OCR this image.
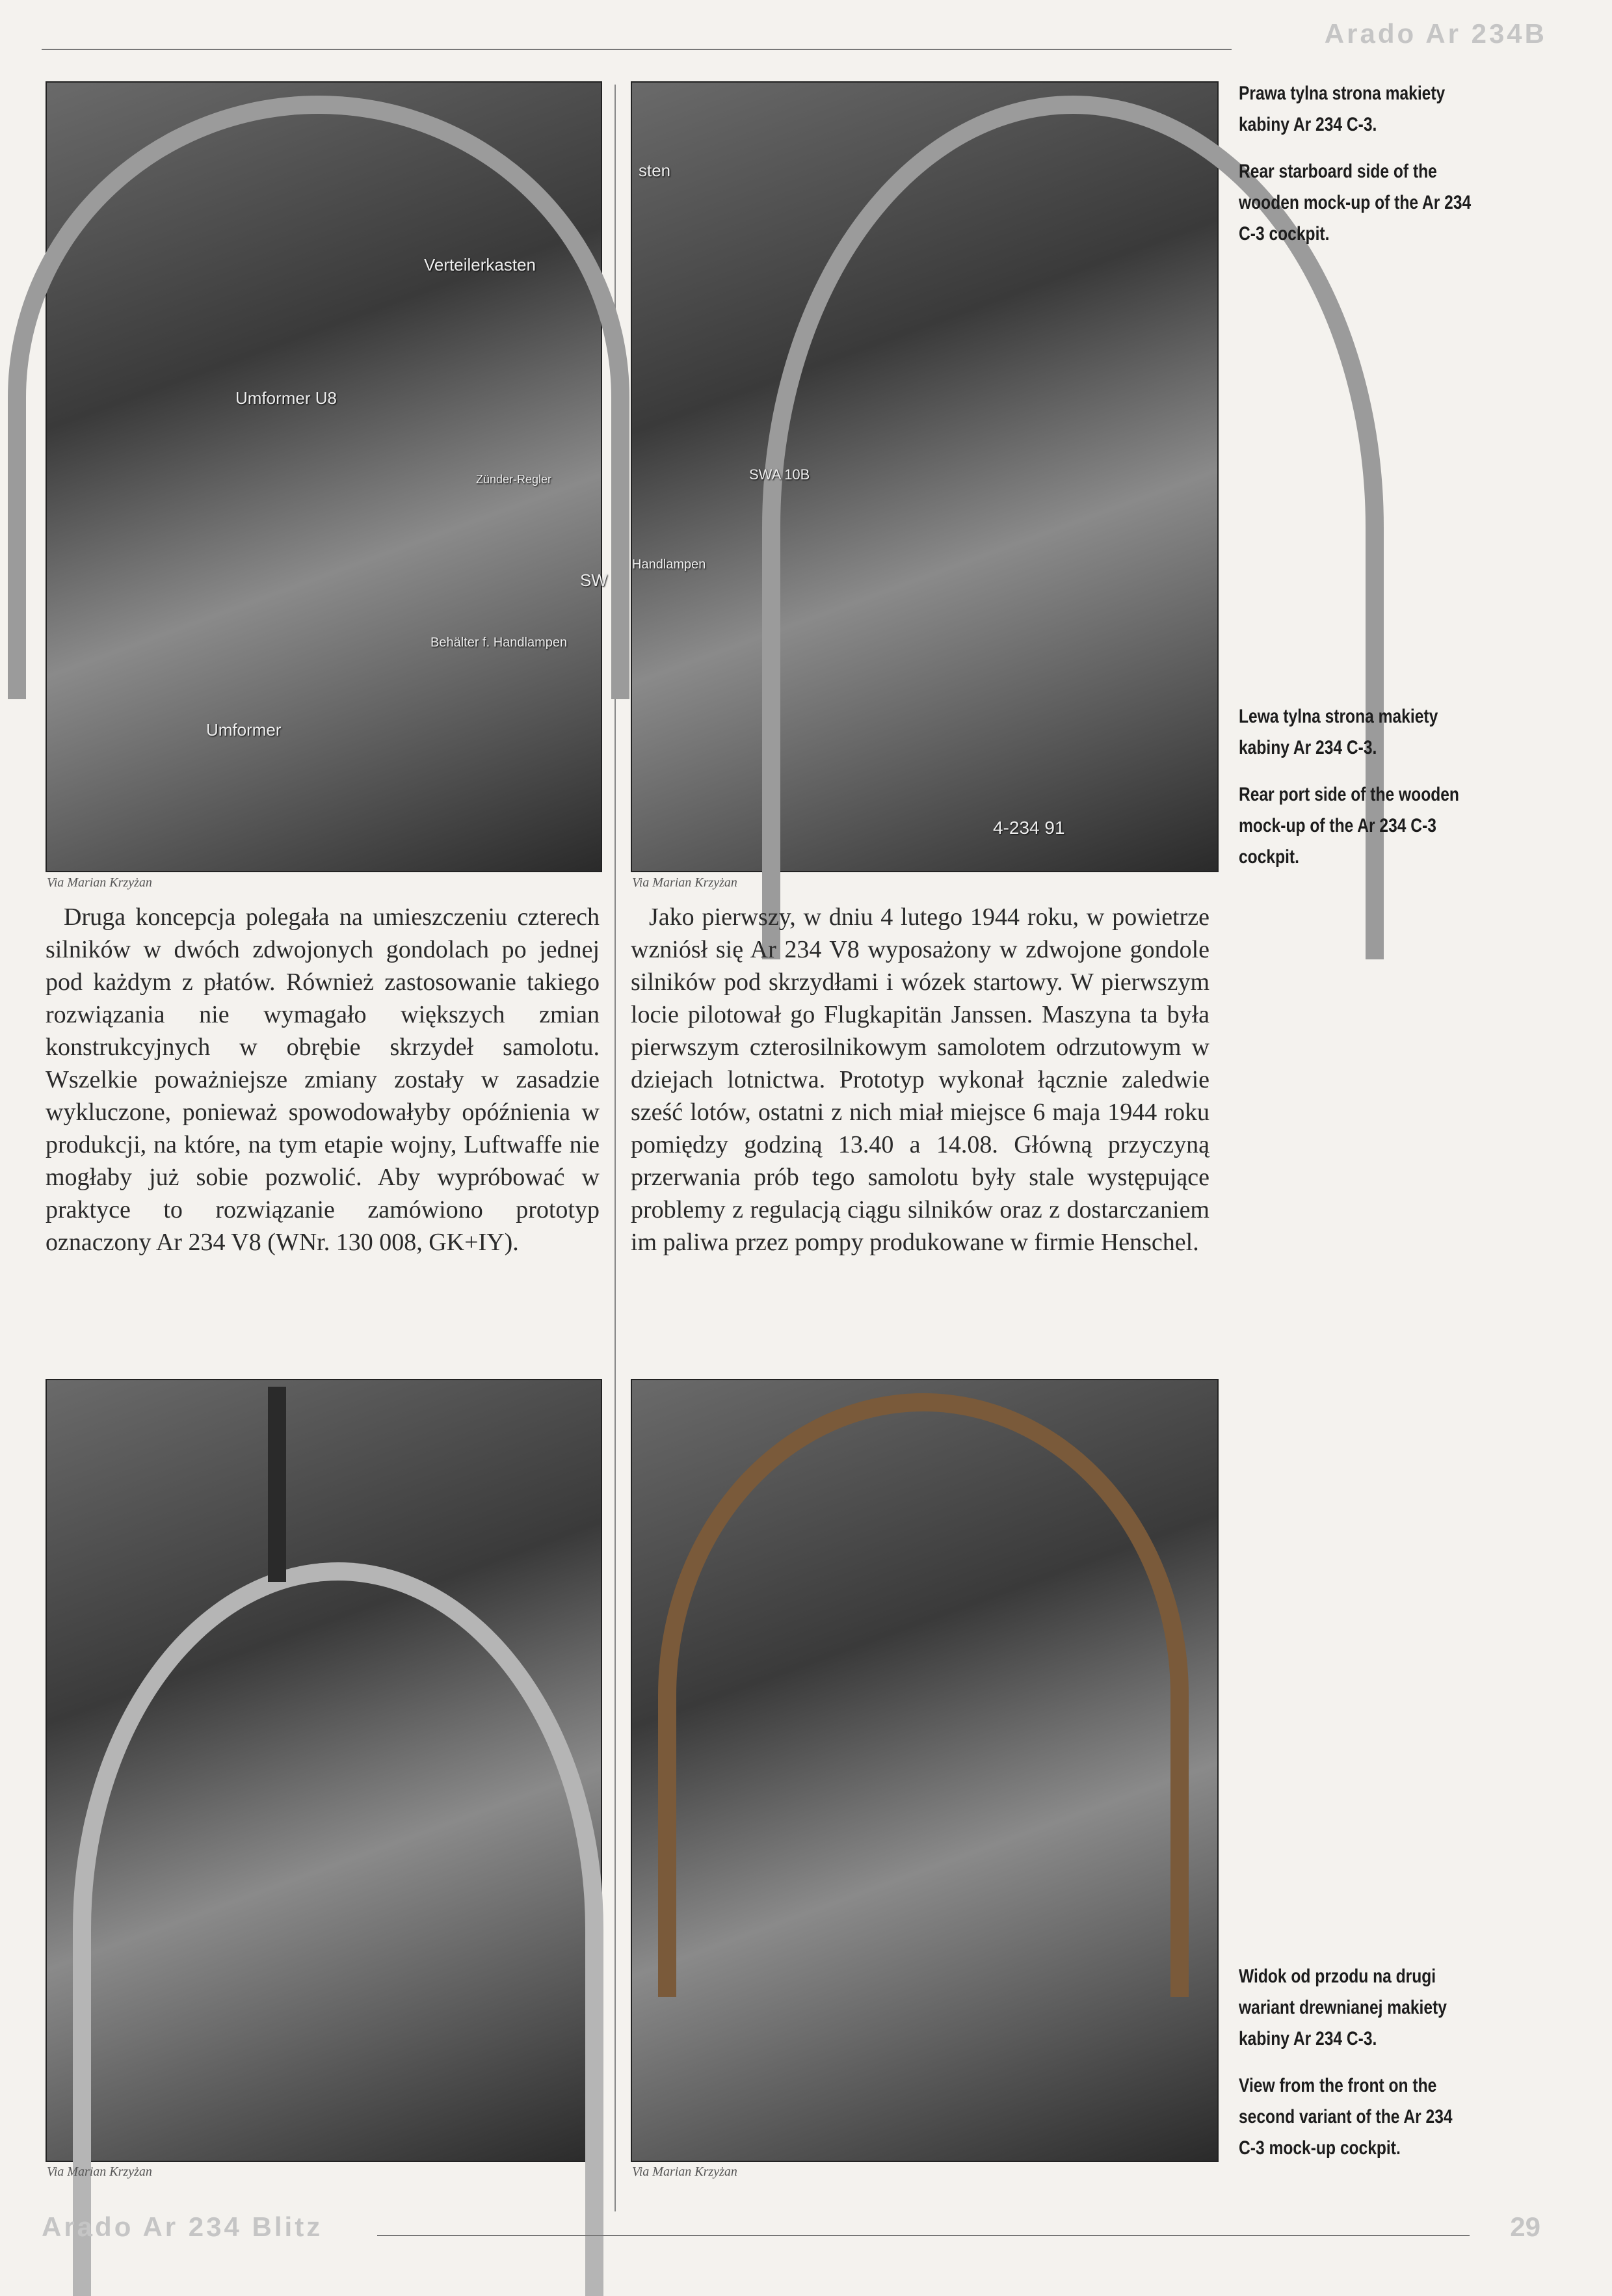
Arado Ar 234B
Verteilerkasten
Umformer U8
Zünder-Regler
Behälter f. Handlampen
Umformer
SW
Via Marian Krzyżan
sten
SWA 10B
Handlampen
4-234 91
Via Marian Krzyżan

Prawa tylna strona makiety kabiny Ar 234 C-3.

Rear starboard side of the wooden mock-up of the Ar 234 C-3 cockpit.

Lewa tylna strona makiety kabiny Ar 234 C-3.

Rear port side of the wooden mock-up of the Ar 234 C-3 cockpit.

Druga koncepcja polegała na umieszczeniu czterech silników w dwóch zdwojonych gondolach po jednej pod każdym z płatów. Również zastosowanie takiego rozwiązania nie wymagało większych zmian konstrukcyjnych w obrębie skrzydeł samolotu. Wszelkie poważniejsze zmiany zostały w zasadzie wykluczone, ponieważ spowodowałyby opóźnienia w produkcji, na które, na tym etapie wojny, Luftwaffe nie mogłaby już sobie pozwolić. Aby wypróbować w praktyce to rozwiązanie zamówiono prototyp oznaczony Ar 234 V8 (WNr. 130 008, GK+IY).
Jako pierwszy, w dniu 4 lutego 1944 roku, w powietrze wzniósł się Ar 234 V8 wyposażony w zdwojone gondole silników pod skrzydłami i wózek startowy. W pierwszym locie pilotował go Flugkapitän Janssen. Maszyna ta była pierwszym czterosilnikowym samolotem odrzutowym w dziejach lotnictwa. Prototyp wykonał łącznie zaledwie sześć lotów, ostatni z nich miał miejsce 6 maja 1944 roku pomiędzy godziną 13.40 a 14.08. Główną przyczyną przerwania prób tego samolotu były stale występujące problemy z regulacją ciągu silników oraz z dostarczaniem im paliwa przez pompy produkowane w firmie Henschel.
Via Marian Krzyżan	Via Marian Krzyżan

Widok od przodu na drugi wariant drewnianej makiety kabiny Ar 234 C-3.

View from the front on the second variant of the Ar 234 C-3 mock-up cockpit.

Arado Ar 234 Blitz	29
